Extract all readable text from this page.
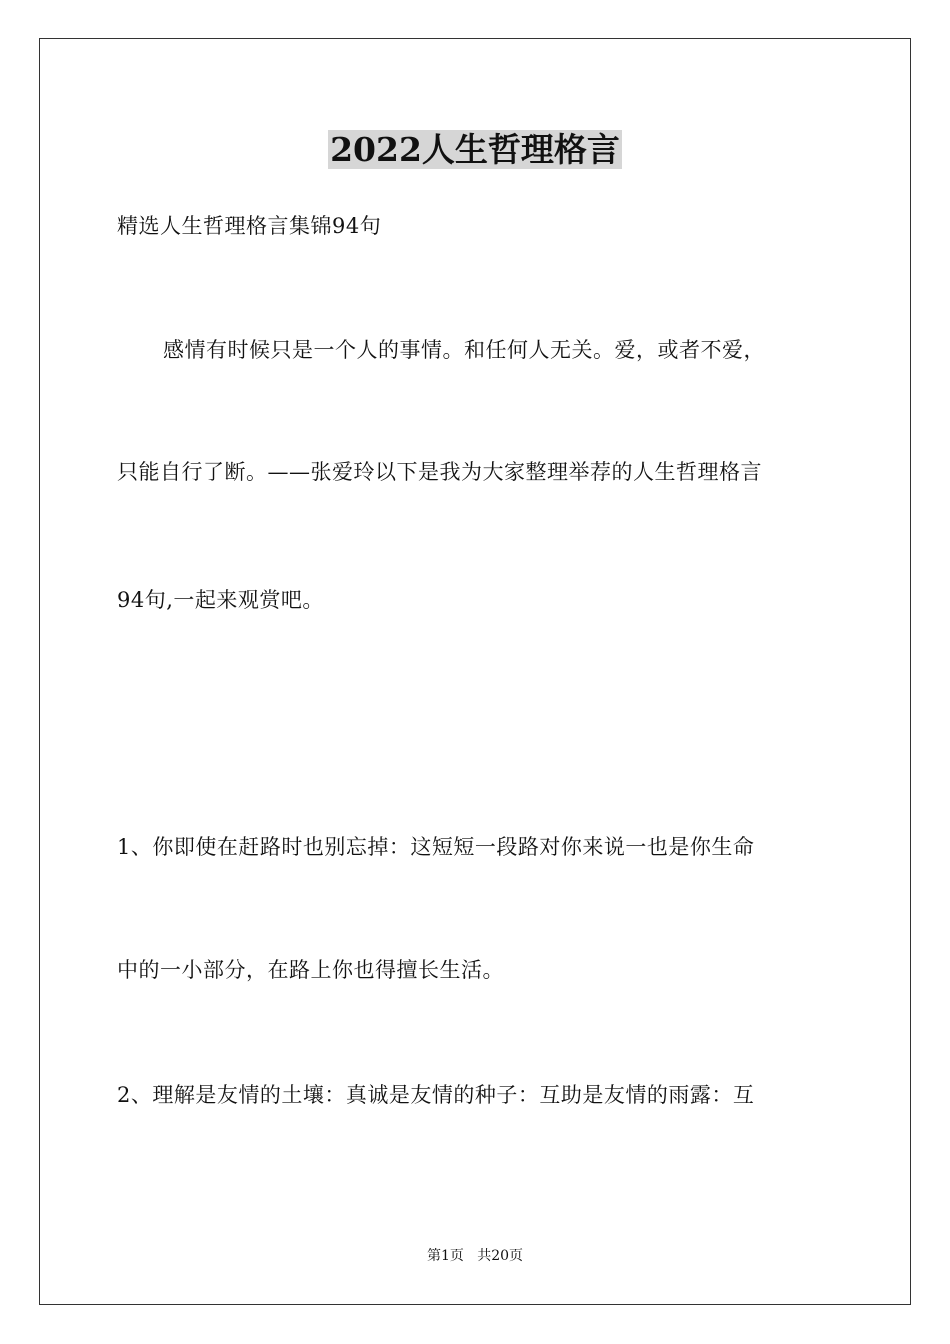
2022人生哲理格言
精选人生哲理格言集锦94句
感情有时候只是一个人的事情。和任何人无关。爱，或者不爱，
只能自行了断。——张爱玲以下是我为大家整理举荐的人生哲理格言
94句,一起来观赏吧。
1、你即使在赶路时也别忘掉：这短短一段路对你来说一也是你生命
中的一小部分，在路上你也得擅长生活。
2、理解是友情的土壤：真诚是友情的种子：互助是友情的雨露：互
第1页   共20页
